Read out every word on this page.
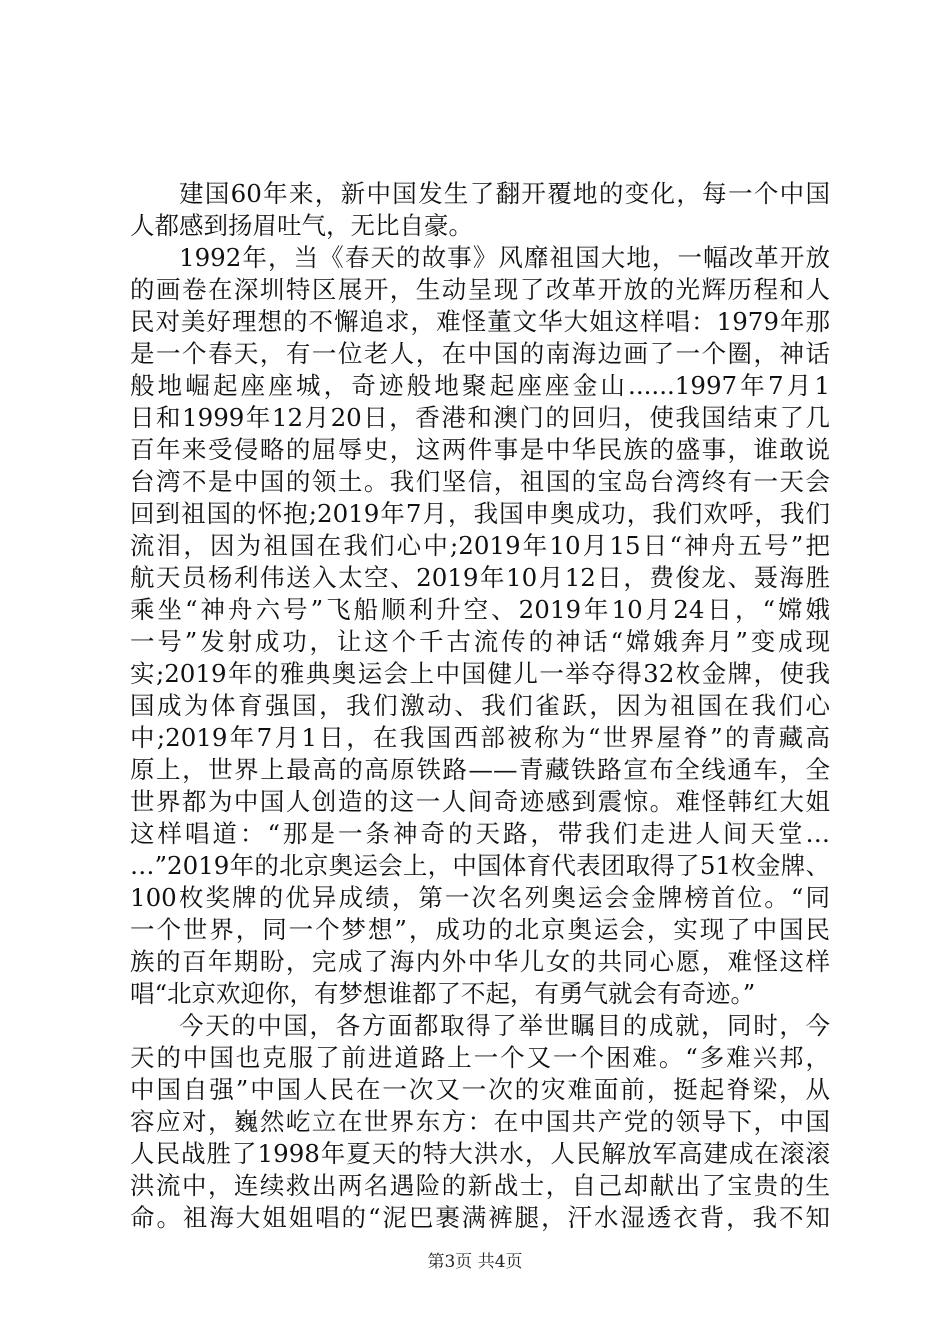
建国60年来，新中国发生了翻开覆地的变化，每一个中国
人都感到扬眉吐气，无比自豪。
1992年，当《春天的故事》风靡祖国大地，一幅改革开放
的画卷在深圳特区展开，生动呈现了改革开放的光辉历程和人
民对美好理想的不懈追求，难怪董文华大姐这样唱：1979年那
是一个春天，有一位老人，在中国的南海边画了一个圈，神话
般地崛起座座城，奇迹般地聚起座座金山......1997年7月1
日和1999年12月20日，香港和澳门的回归，使我国结束了几
百年来受侵略的屈辱史，这两件事是中华民族的盛事，谁敢说
台湾不是中国的领土。我们坚信，祖国的宝岛台湾终有一天会
回到祖国的怀抱;2019年7月，我国申奥成功，我们欢呼，我们
流泪，因为祖国在我们心中;2019年10月15日“神舟五号”把
航天员杨利伟送入太空、2019年10月12日，费俊龙、聂海胜
乘坐“神舟六号”飞船顺利升空、2019年10月24日，“嫦娥
一号”发射成功，让这个千古流传的神话“嫦娥奔月”变成现
实;2019年的雅典奥运会上中国健儿一举夺得32枚金牌，使我
国成为体育强国，我们激动、我们雀跃，因为祖国在我们心
中;2019年7月1日，在我国西部被称为“世界屋脊”的青藏高
原上，世界上最高的高原铁路——青藏铁路宣布全线通车，全
世界都为中国人创造的这一人间奇迹感到震惊。难怪韩红大姐
这样唱道：“那是一条神奇的天路，带我们走进人间天堂…
…”2019年的北京奥运会上，中国体育代表团取得了51枚金牌、
100枚奖牌的优异成绩，第一次名列奥运会金牌榜首位。“同
一个世界，同一个梦想”，成功的北京奥运会，实现了中国民
族的百年期盼，完成了海内外中华儿女的共同心愿，难怪这样
唱“北京欢迎你，有梦想谁都了不起，有勇气就会有奇迹。”
今天的中国，各方面都取得了举世瞩目的成就，同时，今
天的中国也克服了前进道路上一个又一个困难。“多难兴邦，
中国自强”中国人民在一次又一次的灾难面前，挺起脊梁，从
容应对，巍然屹立在世界东方：在中国共产党的领导下，中国
人民战胜了1998年夏天的特大洪水，人民解放军高建成在滚滚
洪流中，连续救出两名遇险的新战士，自己却献出了宝贵的生
命。祖海大姐姐唱的“泥巴裹满裤腿，汗水湿透衣背，我不知
第3页 共4页
